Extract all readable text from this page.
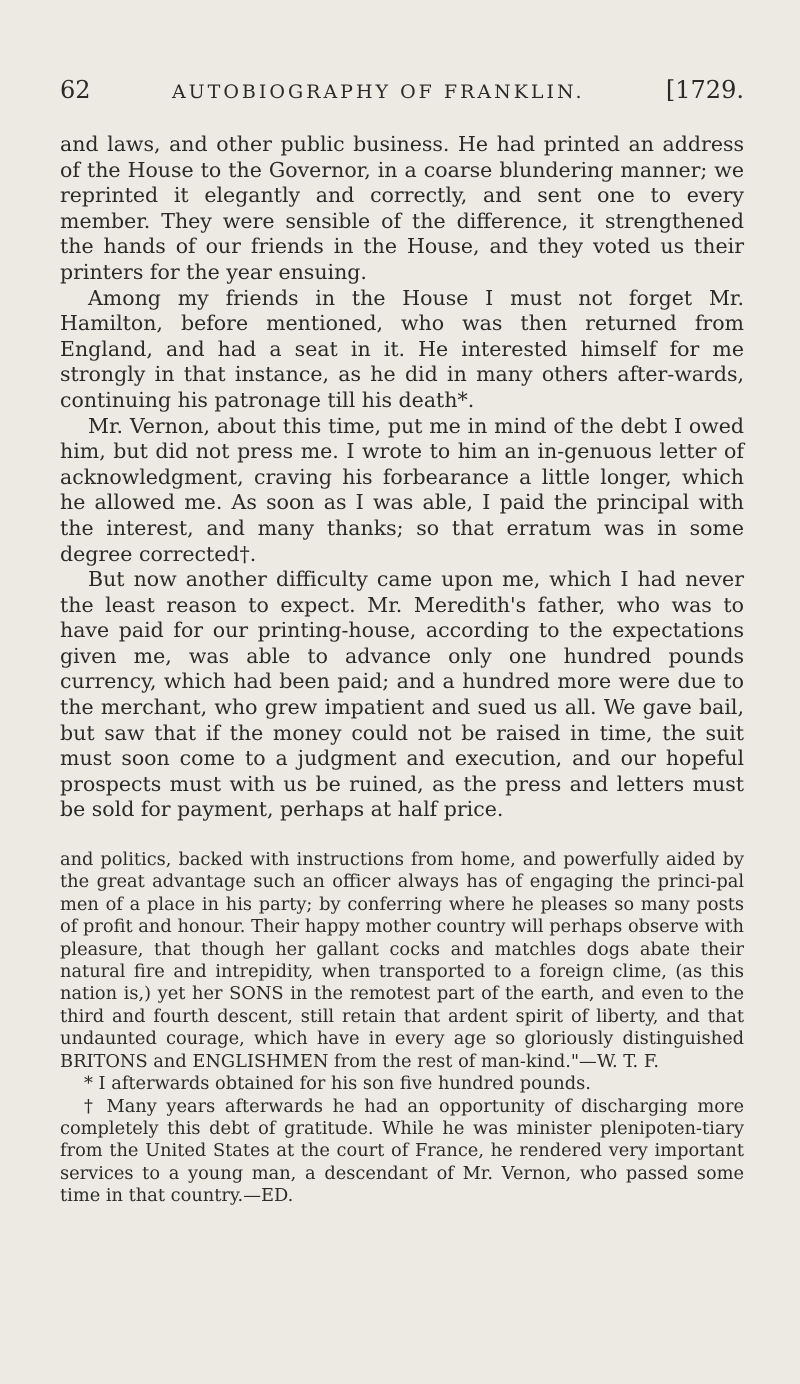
62	AUTOBIOGRAPHY OF FRANKLIN.	[1729.

and laws, and other public business. He had printed an address of the House to the Governor, in a coarse blundering manner; we reprinted it elegantly and correctly, and sent one to every member. They were sensible of the difference, it strengthened the hands of our friends in the House, and they voted us their printers for the year ensuing.

Among my friends in the House I must not forget Mr. Hamilton, before mentioned, who was then returned from England, and had a seat in it. He interested himself for me strongly in that instance, as he did in many others after-wards, continuing his patronage till his death*.

Mr. Vernon, about this time, put me in mind of the debt I owed him, but did not press me. I wrote to him an in-genuous letter of acknowledgment, craving his forbearance a little longer, which he allowed me. As soon as I was able, I paid the principal with the interest, and many thanks; so that erratum was in some degree corrected†.

But now another difficulty came upon me, which I had never the least reason to expect. Mr. Meredith's father, who was to have paid for our printing-house, according to the expectations given me, was able to advance only one hundred pounds currency, which had been paid; and a hundred more were due to the merchant, who grew impatient and sued us all. We gave bail, but saw that if the money could not be raised in time, the suit must soon come to a judgment and execution, and our hopeful prospects must with us be ruined, as the press and letters must be sold for payment, perhaps at half price.

and politics, backed with instructions from home, and powerfully aided by the great advantage such an officer always has of engaging the princi-pal men of a place in his party; by conferring where he pleases so many posts of profit and honour. Their happy mother country will perhaps observe with pleasure, that though her gallant cocks and matchles dogs abate their natural fire and intrepidity, when transported to a foreign clime, (as this nation is,) yet her SONS in the remotest part of the earth, and even to the third and fourth descent, still retain that ardent spirit of liberty, and that undaunted courage, which have in every age so gloriously distinguished BRITONS and ENGLISHMEN from the rest of man-kind."—W. T. F.

* I afterwards obtained for his son five hundred pounds.

† Many years afterwards he had an opportunity of discharging more completely this debt of gratitude. While he was minister plenipoten-tiary from the United States at the court of France, he rendered very important services to a young man, a descendant of Mr. Vernon, who passed some time in that country.—ED.
